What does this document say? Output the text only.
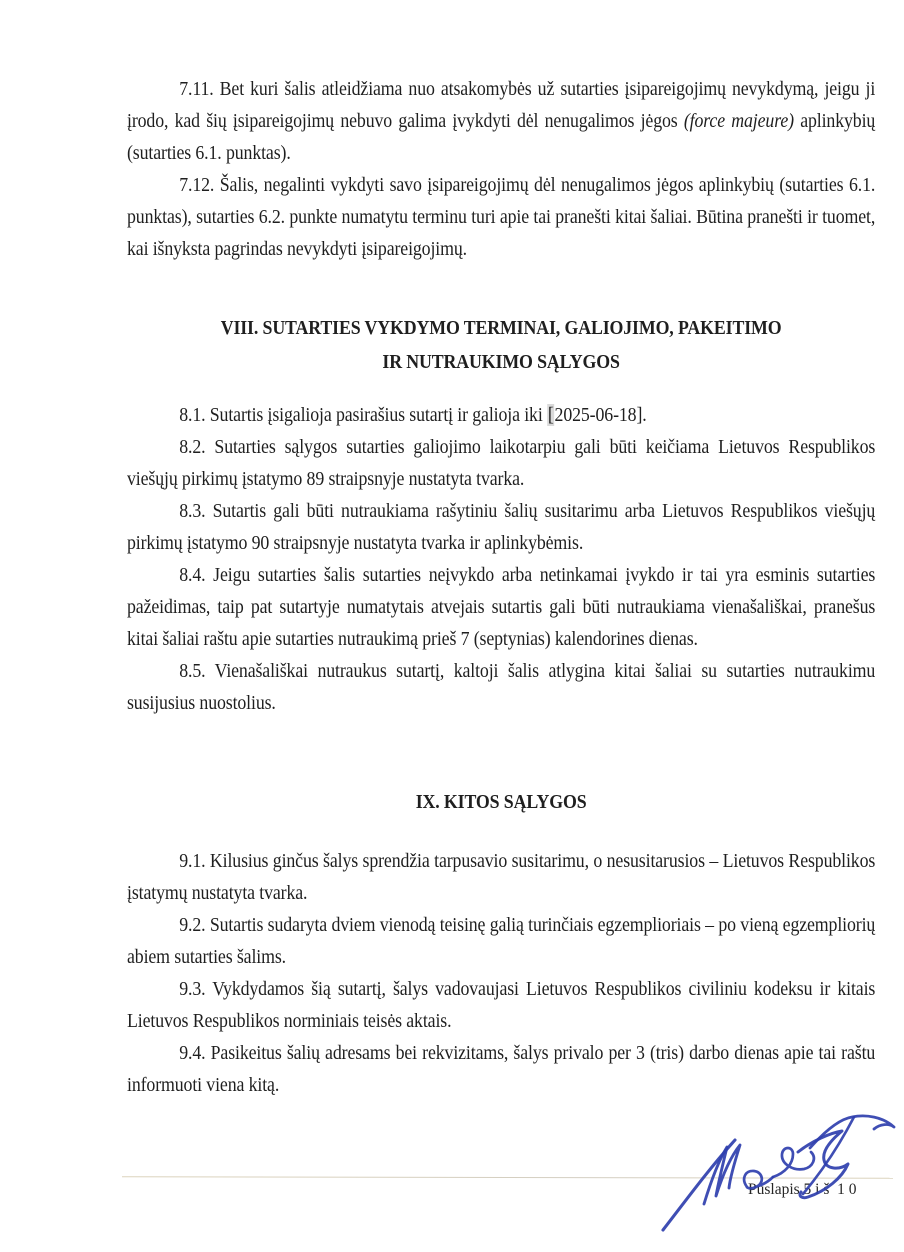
7.11. Bet kuri šalis atleidžiama nuo atsakomybės už sutarties įsipareigojimų nevykdymą, jeigu ji įrodo, kad šių įsipareigojimų nebuvo galima įvykdyti dėl nenugalimos jėgos (force majeure) aplinkybių (sutarties 6.1. punktas).

7.12. Šalis, negalinti vykdyti savo įsipareigojimų dėl nenugalimos jėgos aplinkybių (sutarties 6.1. punktas), sutarties 6.2. punkte numatytu terminu turi apie tai pranešti kitai šaliai. Būtina pranešti ir tuomet, kai išnyksta pagrindas nevykdyti įsipareigojimų.

VIII. SUTARTIES VYKDYMO TERMINAI, GALIOJIMO, PAKEITIMO
IR NUTRAUKIMO SĄLYGOS

8.1. Sutartis įsigalioja pasirašius sutartį ir galioja iki [2025-06-18].

8.2. Sutarties sąlygos sutarties galiojimo laikotarpiu gali būti keičiama Lietuvos Respublikos viešųjų pirkimų įstatymo 89 straipsnyje nustatyta tvarka.

8.3. Sutartis gali būti nutraukiama rašytiniu šalių susitarimu arba Lietuvos Respublikos viešųjų pirkimų įstatymo 90 straipsnyje nustatyta tvarka ir aplinkybėmis.

8.4. Jeigu sutarties šalis sutarties neįvykdo arba netinkamai įvykdo ir tai yra esminis sutarties pažeidimas, taip pat sutartyje numatytais atvejais sutartis gali būti nutraukiama vienašališkai, pranešus kitai šaliai raštu apie sutarties nutraukimą prieš 7 (septynias) kalendorines dienas.

8.5. Vienašališkai nutraukus sutartį, kaltoji šalis atlygina kitai šaliai su sutarties nutraukimu susijusius nuostolius.

IX. KITOS SĄLYGOS

9.1. Kilusius ginčus šalys sprendžia tarpusavio susitarimu, o nesusitarusios – Lietuvos Respublikos įstatymų nustatyta tvarka.

9.2. Sutartis sudaryta dviem vienodą teisinę galią turinčiais egzemplioriais – po vieną egzempliorių abiem sutarties šalims.

9.3. Vykdydamos šią sutartį, šalys vadovaujasi Lietuvos Respublikos civiliniu kodeksu ir kitais Lietuvos Respublikos norminiais teisės aktais.

9.4. Pasikeitus šalių adresams bei rekvizitams, šalys privalo per 3 (tris) darbo dienas apie tai raštu informuoti viena kitą.

Puslapis 5 i š  1 0
